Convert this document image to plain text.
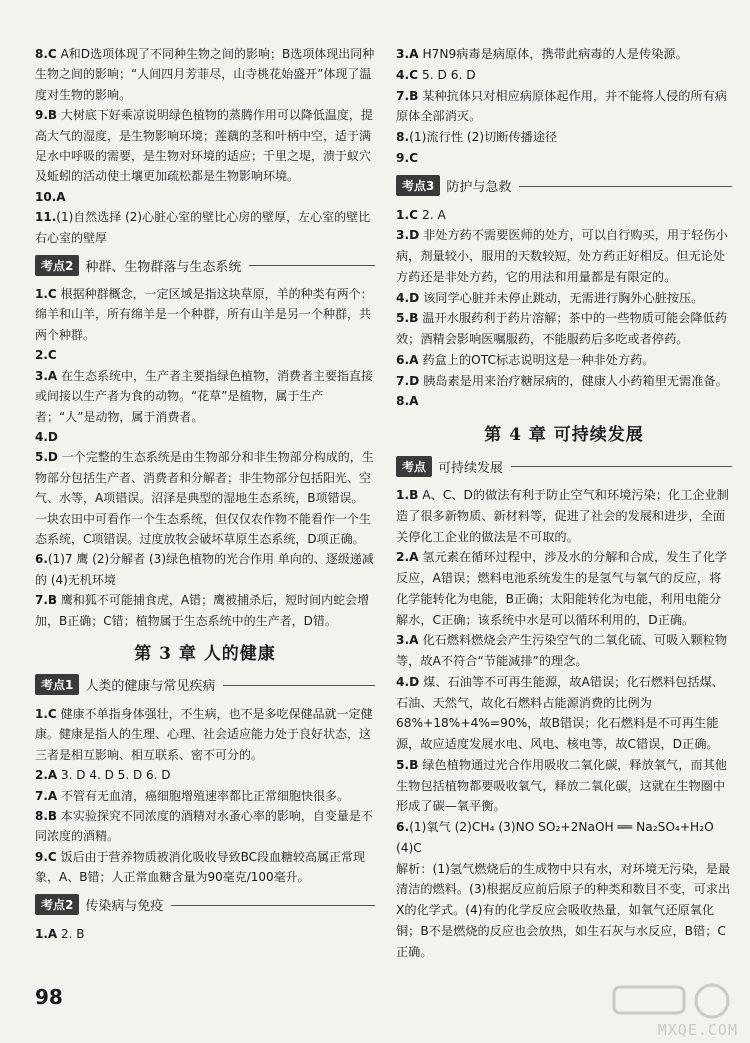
8.C A和D选项体现了不同种生物之间的影响；B选项体现出同种生物之间的影响；“人间四月芳菲尽，山寺桃花始盛开”体现了温度对生物的影响。

9.B 大树底下好乘凉说明绿色植物的蒸腾作用可以降低温度，提高大气的湿度，是生物影响环境；莲藕的茎和叶柄中空，适于满足水中呼吸的需要，是生物对环境的适应；千里之堤，溃于蚁穴及蚯蚓的活动使土壤更加疏松都是生物影响环境。

10.A

11.(1)自然选择 (2)心脏心室的壁比心房的壁厚，左心室的壁比右心室的壁厚

考点2 种群、生物群落与生态系统

1.C 根据种群概念，一定区域是指这块草原，羊的种类有两个：绵羊和山羊，所有绵羊是一个种群，所有山羊是另一个种群，共两个种群。

2.C

3.A 在生态系统中，生产者主要指绿色植物，消费者主要指直接或间接以生产者为食的动物。“花草”是植物，属于生产者；“人”是动物，属于消费者。

4.D

5.D 一个完整的生态系统是由生物部分和非生物部分构成的，生物部分包括生产者、消费者和分解者；非生物部分包括阳光、空气、水等，A项错误。沼泽是典型的湿地生态系统，B项错误。一块农田中可看作一个生态系统，但仅仅农作物不能看作一个生态系统，C项错误。过度放牧会破坏草原生态系统，D项正确。

6.(1)7 鹰 (2)分解者 (3)绿色植物的光合作用 单向的、逐级递减的 (4)无机环境

7.B 鹰和狐不可能捕食虎，A错；鹰被捕杀后，短时间内蛇会增加，B正确；C错；植物属于生态系统中的生产者，D错。

第 3 章 人的健康
考点1 人类的健康与常见疾病

1.C 健康不单指身体强壮，不生病，也不是多吃保健品就一定健康。健康是指人的生理、心理、社会适应能力处于良好状态，这三者是相互影响、相互联系、密不可分的。

2.A 3. D 4. D 5. D 6. D

7.A 不管有无血清，癌细胞增殖速率都比正常细胞快很多。

8.B 本实验探究不同浓度的酒精对水蚤心率的影响，自变量是不同浓度的酒精。

9.C 饭后由于营养物质被消化吸收导致BC段血糖较高属正常现象，A、B错；人正常血糖含量为90毫克/100毫升。

考点2 传染病与免疫

1.A 2. B

3.A H7N9病毒是病原体，携带此病毒的人是传染源。

4.C 5. D 6. D

7.B 某种抗体只对相应病原体起作用，并不能将人侵的所有病原体全部消灭。

8.(1)流行性 (2)切断传播途径

9.C

考点3 防护与急救

1.C 2. A

3.D 非处方药不需要医师的处方，可以自行购买，用于轻伤小病，剂量较小，服用的天数较短，处方药正好相反。但无论处方药还是非处方药，它的用法和用量都是有限定的。

4.D 该同学心脏并未停止跳动，无需进行胸外心脏按压。

5.B 温开水服药利于药片溶解；茶中的一些物质可能会降低药效；酒精会影响医嘱服药，不能服药后多吃或者停药。

6.A 药盒上的OTC标志说明这是一种非处方药。

7.D 胰岛素是用来治疗糖尿病的，健康人小药箱里无需准备。

8.A

第 4 章 可持续发展
考点 可持续发展

1.B A、C、D的做法有利于防止空气和环境污染；化工企业制造了很多新物质、新材料等，促进了社会的发展和进步，全面关停化工企业的做法是不可取的。

2.A 氢元素在循环过程中，涉及水的分解和合成，发生了化学反应，A错误；燃料电池系统发生的是氢气与氧气的反应，将化学能转化为电能，B正确；太阳能转化为电能，利用电能分解水，C正确；该系统中水是可以循环利用的，D正确。

3.A 化石燃料燃烧会产生污染空气的二氧化硫、可吸入颗粒物等，故A不符合“节能减排”的理念。

4.D 煤、石油等不可再生能源，故A错误；化石燃料包括煤、石油、天然气，故化石燃料占能源消费的比例为68%+18%+4%=90%，故B错误；化石燃料是不可再生能源，故应适度发展水电、风电、核电等，故C错误，D正确。

5.B 绿色植物通过光合作用吸收二氧化碳，释放氧气，而其他生物包括植物都要吸收氧气，释放二氧化碳，这就在生物圈中形成了碳—氧平衡。

6.(1)氧气 (2)CH₄ (3)NO SO₂+2NaOH ══ Na₂SO₄+H₂O (4)C

解析：(1)氢气燃烧后的生成物中只有水，对环境无污染，是最清洁的燃料。(3)根据反应前后原子的种类和数目不变，可求出X的化学式。(4)有的化学反应会吸收热量，如氧气还原氧化铜；B不是燃烧的反应也会放热，如生石灰与水反应，B错；C正确。

98
MXQE.COM
